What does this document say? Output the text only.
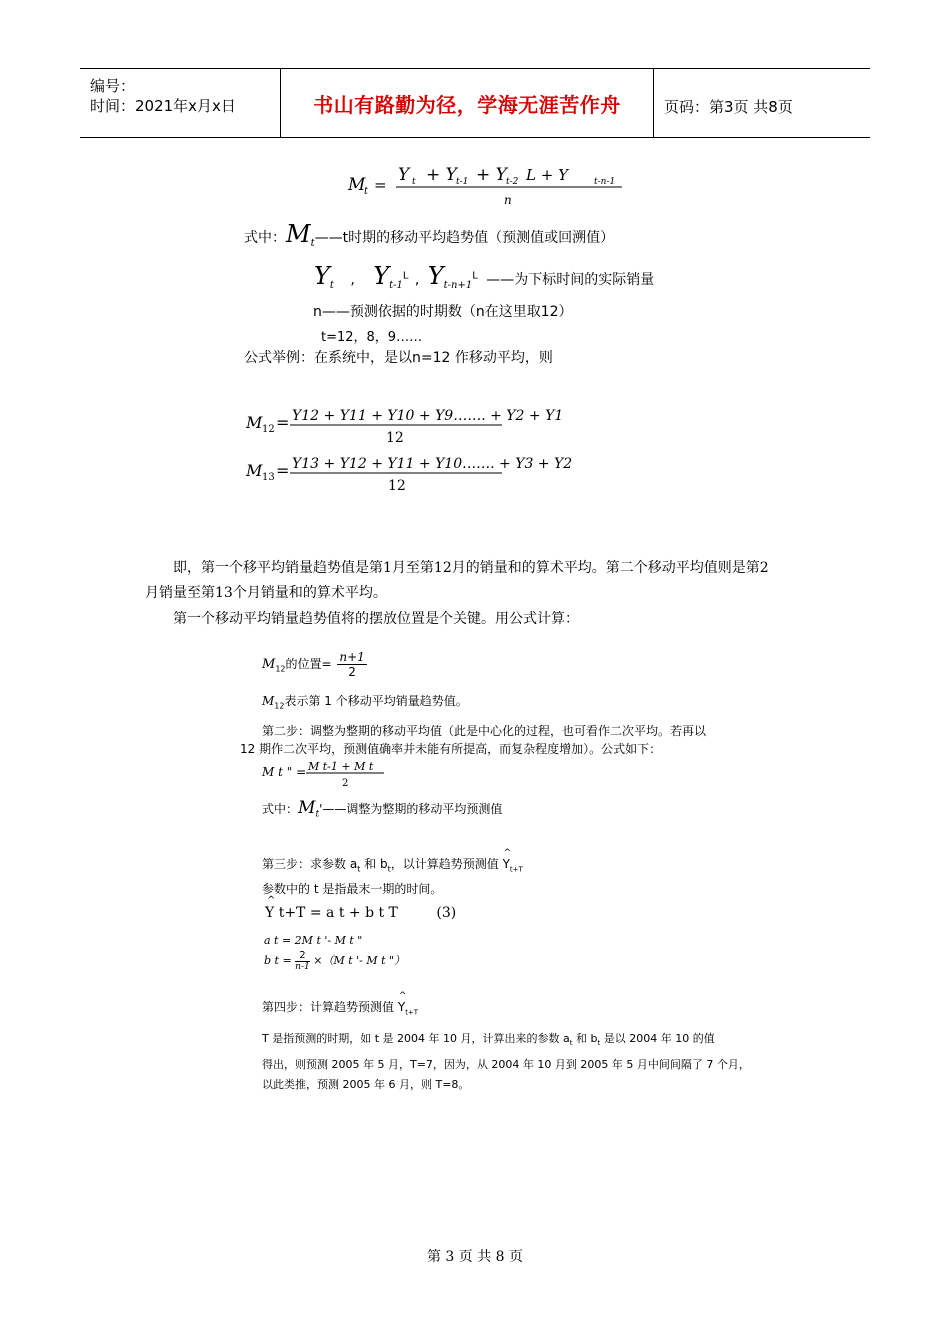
编号：
时间：2021年x月x日	书山有路勤为径，学海无涯苦作舟	页码：第3页 共8页
M
t = Y t + Y t-1 + Y t-2 L + Y	t-n-1
n
式中：$M_t——t$时期的移动平均趋势值（预测值或回溯值）
$Y_t$ , $Y_{t-1}^L$ , $Y_{t-n+1}^L$ ——为下标时间的实际销量
n——预测依据的时期数（n在这里取12）
t=12，8，9……
公式举例：在系统中，是以n=12 作移动平均，则
M 12 = Y12 + Y11 + Y10 + Y9……. + Y2 + Y1
12
M 13 = Y13 + Y12 + Y11 + Y10……. + Y3 + Y2
12
即，第一个移平均销量趋势值是第1月至第12月的销量和的算术平均。第二个移动平均值则是第2
月销量至第13个月销量和的算术平均。
第一个移动平均销量趋势值将的摆放位置是个关键。用公式计算：
$M_{12}$的位置= $\frac{n+1}{2}$
$M_{12}$表示第 1 个移动平均销量趋势值。
第二步：调整为整期的移动平均值（此是中心化的过程，也可看作二次平均。若再以
12 期作二次平均，预测值确率并未能有所提高，而复杂程度增加）。公式如下：
M t " = M t-1 + M t
2
式中：$M_t'——$调整为整期的移动平均预测值
第三步：求参数 $a_t$ 和 $b_t$，以计算趋势预测值
^
$Y_{t+T}$
参数中的 t 是指最末一期的时间。
^
Y t+T = a t + b t T	(3)
a t = 2M t '- M t "
b $t = \frac{2}{n-1} \times(M$ t '- M t "）
第四步：计算趋势预测值
^
$Y_{t+T}$
T 是指预测的时期，如 t 是 2004 年 10 月，计算出来的参数 $a_t$ 和 $b_t$ 是以 2004 年 10 的值
得出，则预测 2005 年 5 月，T=7，因为，从 2004 年 10 月到 2005 年 5 月中间间隔了 7 个月，
以此类推，预测 2005 年 6 月，则 T=8。
第 3 页 共 8 页
